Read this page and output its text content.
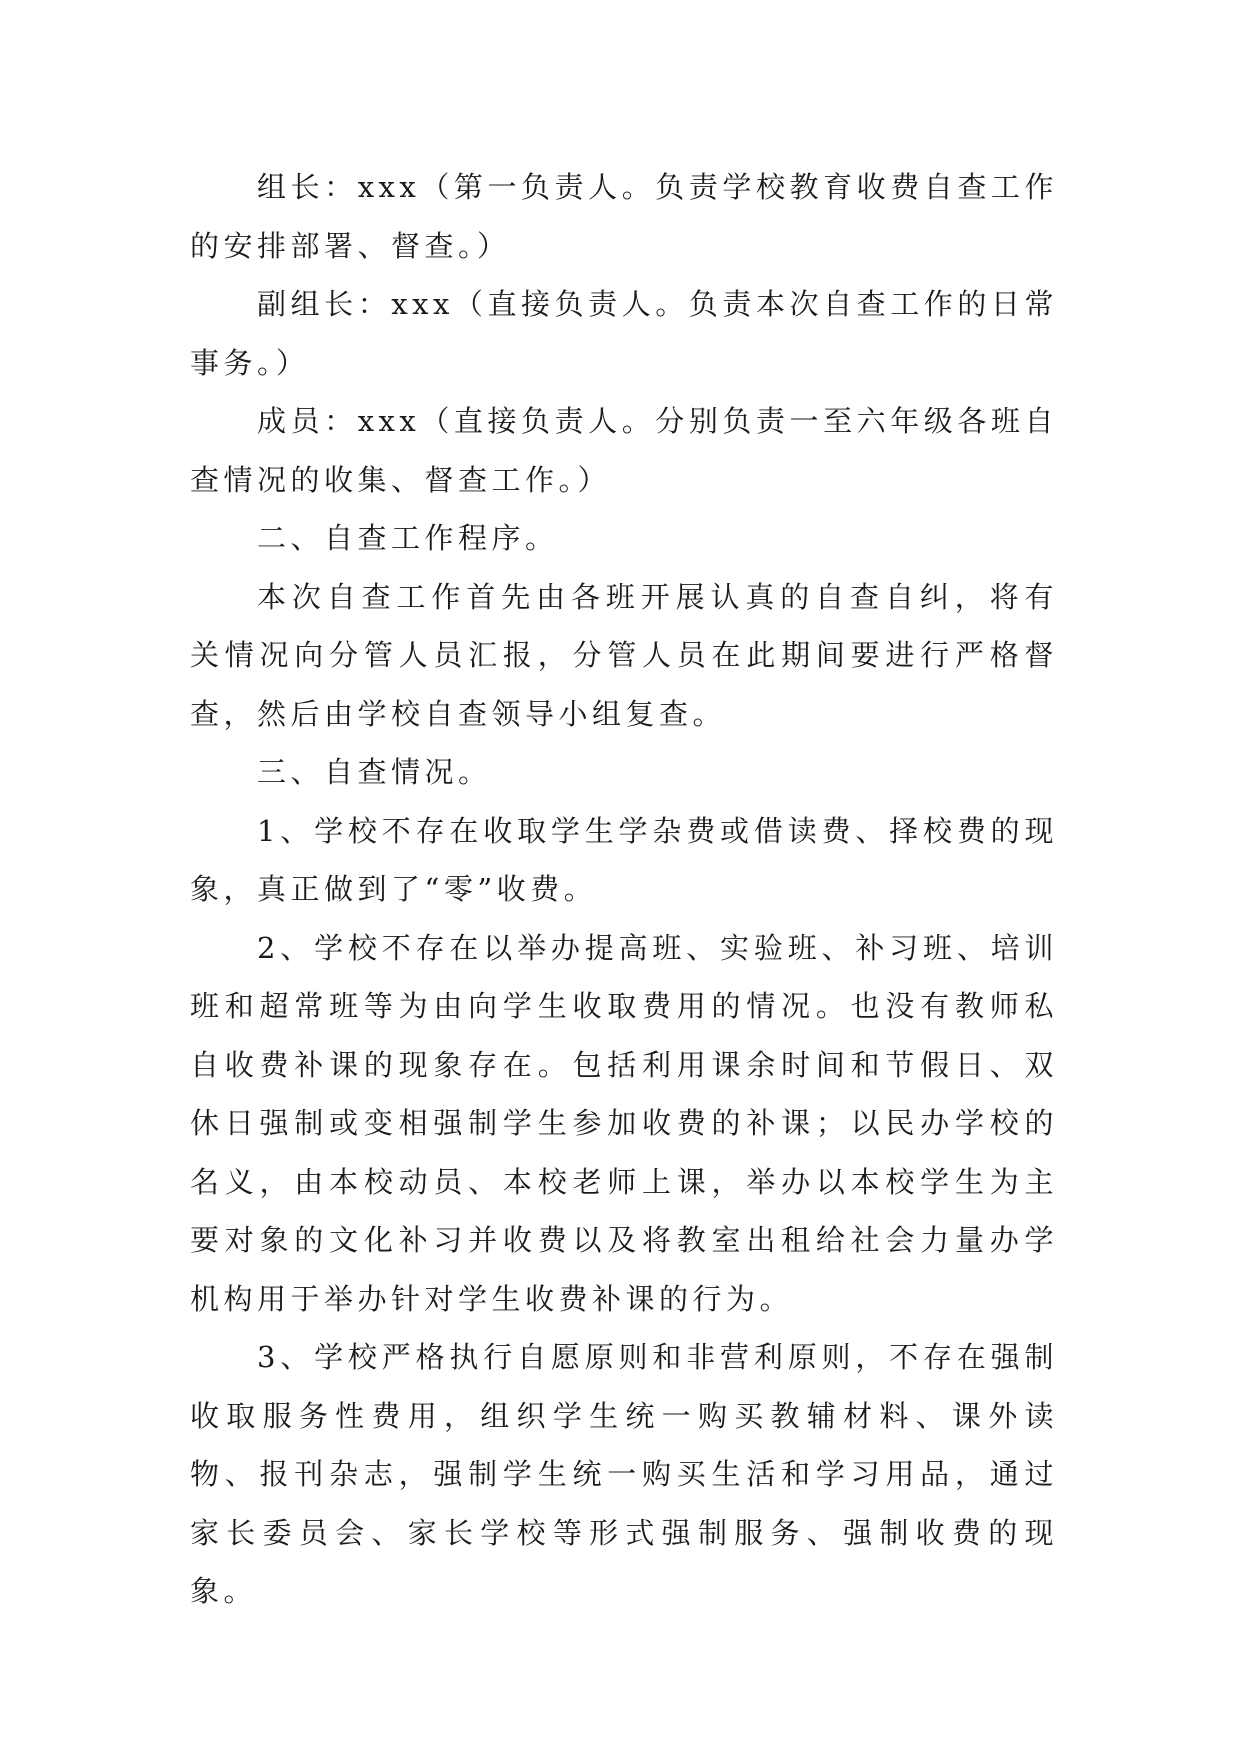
组长：xxx（第一负责人。负责学校教育收费自查工作的安排部署、督查。）

副组长：xxx（直接负责人。负责本次自查工作的日常事务。）

成员：xxx（直接负责人。分别负责一至六年级各班自查情况的收集、督查工作。）

二、自查工作程序。

本次自查工作首先由各班开展认真的自查自纠，将有关情况向分管人员汇报，分管人员在此期间要进行严格督查，然后由学校自查领导小组复查。

三、自查情况。

1、学校不存在收取学生学杂费或借读费、择校费的现象，真正做到了“零”收费。

2、学校不存在以举办提高班、实验班、补习班、培训班和超常班等为由向学生收取费用的情况。也没有教师私自收费补课的现象存在。包括利用课余时间和节假日、双休日强制或变相强制学生参加收费的补课；以民办学校的名义，由本校动员、本校老师上课，举办以本校学生为主要对象的文化补习并收费以及将教室出租给社会力量办学机构用于举办针对学生收费补课的行为。

3、学校严格执行自愿原则和非营利原则，不存在强制收取服务性费用，组织学生统一购买教辅材料、课外读物、报刊杂志，强制学生统一购买生活和学习用品，通过家长委员会、家长学校等形式强制服务、强制收费的现象。
